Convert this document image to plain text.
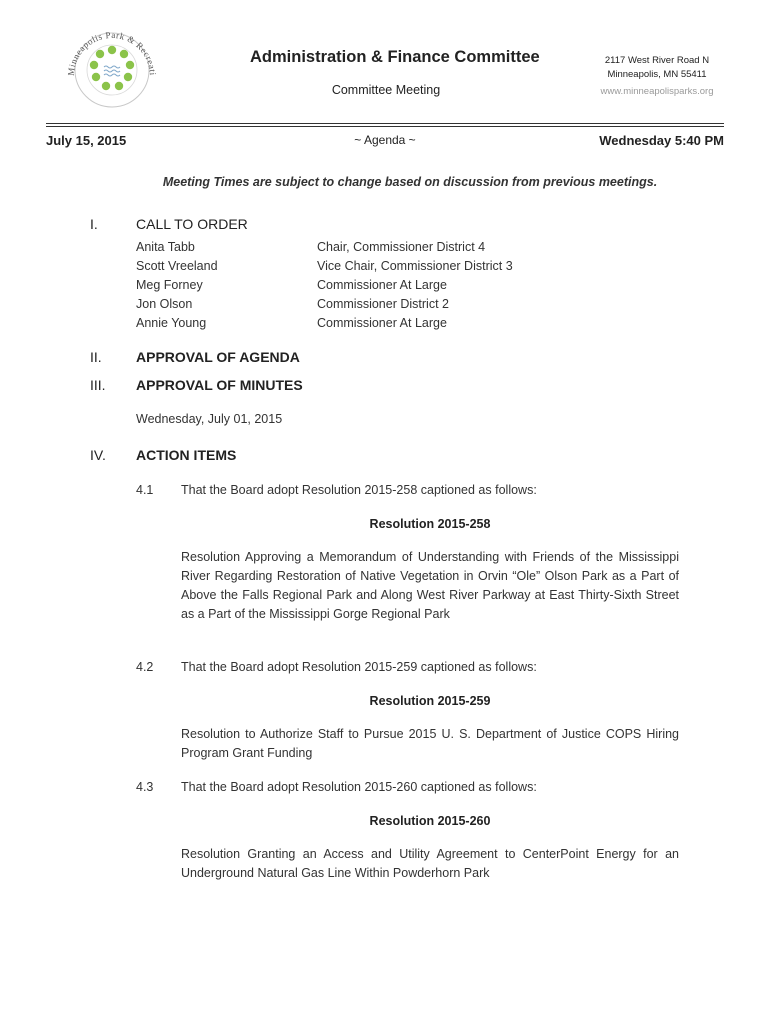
Minneapolis Park & Recreati
Administration & Finance Committee
Committee Meeting
2117 West River Road N
Minneapolis, MN 55411
www.minneapolisparks.org
July 15, 2015	~ Agenda ~	Wednesday 5:40 PM
Meeting Times are subject to change based on discussion from previous meetings.
I.	CALL TO ORDER
Anita Tabb	Chair, Commissioner District 4
Scott Vreeland	Vice Chair, Commissioner District 3
Meg Forney	Commissioner At Large
Jon Olson	Commissioner District 2
Annie Young	Commissioner At Large
II. APPROVAL OF AGENDA
III. APPROVAL OF MINUTES
Wednesday, July 01, 2015
IV. ACTION ITEMS
4.1 That the Board adopt Resolution 2015-258 captioned as follows:
Resolution 2015-258
Resolution Approving a Memorandum of Understanding with Friends of the Mississippi River Regarding Restoration of Native Vegetation in Orvin “Ole” Olson Park as a Part of Above the Falls Regional Park and Along West River Parkway at East Thirty-Sixth Street as a Part of the Mississippi Gorge Regional Park
4.2 That the Board adopt Resolution 2015-259 captioned as follows:
Resolution 2015-259
Resolution to Authorize Staff to Pursue 2015 U. S. Department of Justice COPS Hiring Program Grant Funding
4.3 That the Board adopt Resolution 2015-260 captioned as follows:
Resolution 2015-260
Resolution Granting an Access and Utility Agreement to CenterPoint Energy for an Underground Natural Gas Line Within Powderhorn Park
